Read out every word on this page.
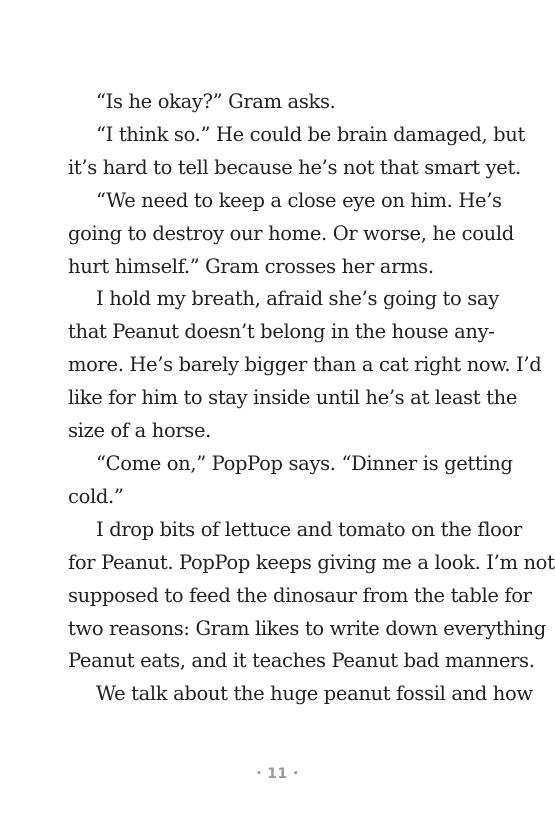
“Is he okay?” Gram asks.
“I think so.” He could be brain damaged, but
it’s hard to tell because he’s not that smart yet.
“We need to keep a close eye on him. He’s
going to destroy our home. Or worse, he could
hurt himself.” Gram crosses her arms.
I hold my breath, afraid she’s going to say
that Peanut doesn’t belong in the house any-
more. He’s barely bigger than a cat right now. I’d
like for him to stay inside until he’s at least the
size of a horse.
“Come on,” PopPop says. “Dinner is getting
cold.”
I drop bits of lettuce and tomato on the floor
for Peanut. PopPop keeps giving me a look. I’m not
supposed to feed the dinosaur from the table for
two reasons: Gram likes to write down everything
Peanut eats, and it teaches Peanut bad manners.
We talk about the huge peanut fossil and how
• 11 •
